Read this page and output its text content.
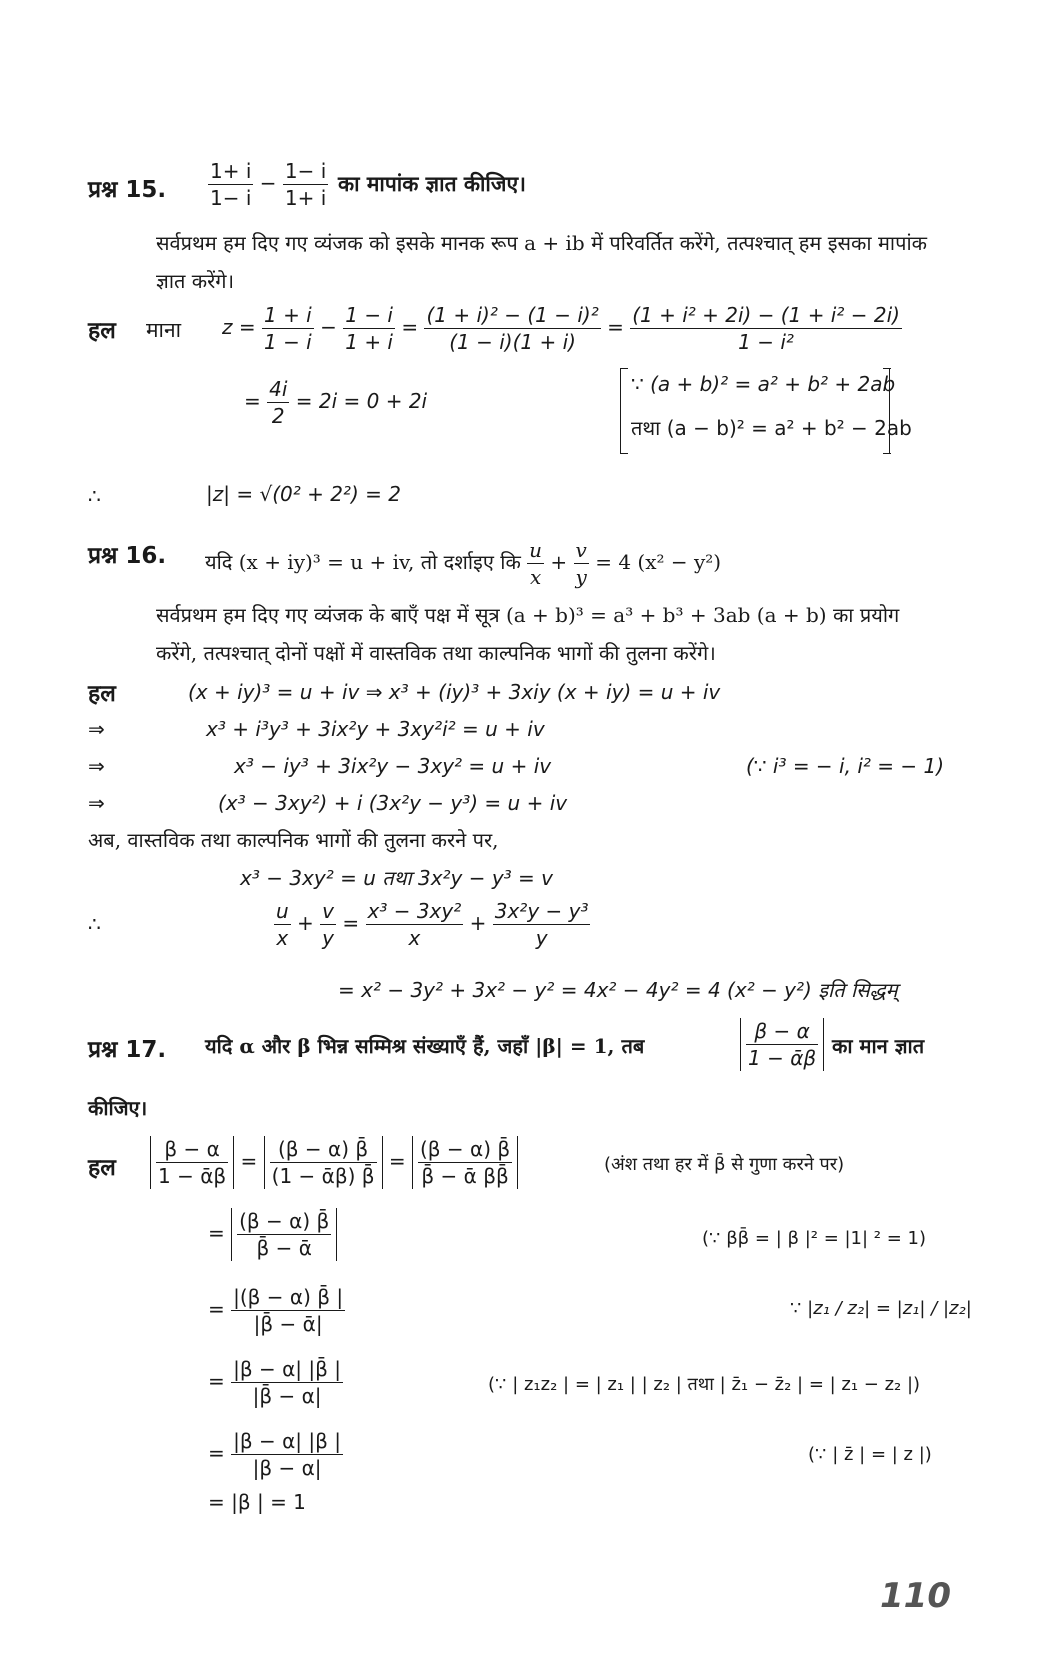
प्रश्न 15. $\frac{1+ i}{1- i} - \frac{1- i}{1+ i}$ का मापांक ज्ञात कीजिए।
सर्वप्रथम हम दिए गए व्यंजक को इसके मानक रूप a + ib में परिवर्तित करेंगे, तत्पश्चात् हम इसका मापांक ज्ञात करेंगे।
हल माना $z = \frac{1 + i}{1 - i} - \frac{1 - i}{1 + i} = \frac{\text{(1 + i)² − (1 − i)²}}{(1 - i)(1 + i)} = \frac{\text{(1 + i² + 2i) − (1 + i² − 2i)}}{\text{1 − i²}}$
= $\frac{4i}{2} = 2i = 0 + 2i$
∵ (a + b)² = a² + b² + 2ab
तथा (a − b)² = a² + b² − 2ab
∴	|z| = √(0² + 2²) = 2
प्रश्न 16. यदि (x + iy)³ = u + iv, तो दर्शाइए कि $\frac{u}{x} + \frac{v}{y} = 4$ (x² − y²)
सर्वप्रथम हम दिए गए व्यंजक के बाएँ पक्ष में सूत्र (a + b)³ = a³ + b³ + 3ab (a + b) का प्रयोग करेंगे, तत्पश्चात् दोनों पक्षों में वास्तविक तथा काल्पनिक भागों की तुलना करेंगे।
हल	(x + iy)³ = u + iv ⇒ x³ + (iy)³ + 3xiy (x + iy) = u + iv
⇒	x³ + i³y³ + 3ix²y + 3xy²i² = u + iv
⇒	x³ − iy³ + 3ix²y − 3xy² = u + iv	(∵ i³ = − i, i² = − 1)
⇒	(x³ − 3xy²) + i (3x²y − y³) = u + iv
अब, वास्तविक तथा काल्पनिक भागों की तुलना करने पर,
x³ − 3xy² = u तथा 3x²y − y³ = v
∴	$\frac{u}{x} + \frac{v}{y} = \frac{\text{x³ − 3xy²}}{x} + \frac{\text{3x²y − y³}}{y}$
= x² − 3y² + 3x² − y² = 4x² − 4y² = 4 (x² − y²) इति सिद्धम्
प्रश्न 17. यदि α और β भिन्न सम्मिश्र संख्याएँ हैं, जहाँ |β| = 1, तब	$\frac{\beta - \alpha}{\text{1 − ᾱβ}}$ का मान ज्ञात
कीजिए।
हल $\frac{\beta - \alpha}{\text{1 − ᾱβ}} = \frac{(\beta - \alpha) \betā}{\text{(1 − ᾱβ) β̄}} = \frac{(\beta - \alpha) \betā}{\text{β̄ − ᾱ ββ̄}}$	(अंश तथा हर में β̄ से गुणा करने पर)
= $\frac{(\beta - \alpha) \betā}{\text{β̄ − ᾱ}}$	(∵ ββ̄ = | β |² = |1| ² = 1)
= $\frac{|(\beta - \alpha) \betā |}{\text{|β̄ − ᾱ|}}$	∵ |z₁ / z₂| = |z₁| / |z₂|
= $\frac{|\beta - \alpha| |\betā |}{|\betā - \alpha|}$	(∵ | z₁z₂ | = | z₁ | | z₂ | तथा | z̄₁ − z̄₂ | = | z₁ − z₂ |)
= $\frac{|\beta - \alpha| |\beta |}{|\beta - \alpha|}$	(∵ | z̄ | = | z |)
= |β | = 1
110
